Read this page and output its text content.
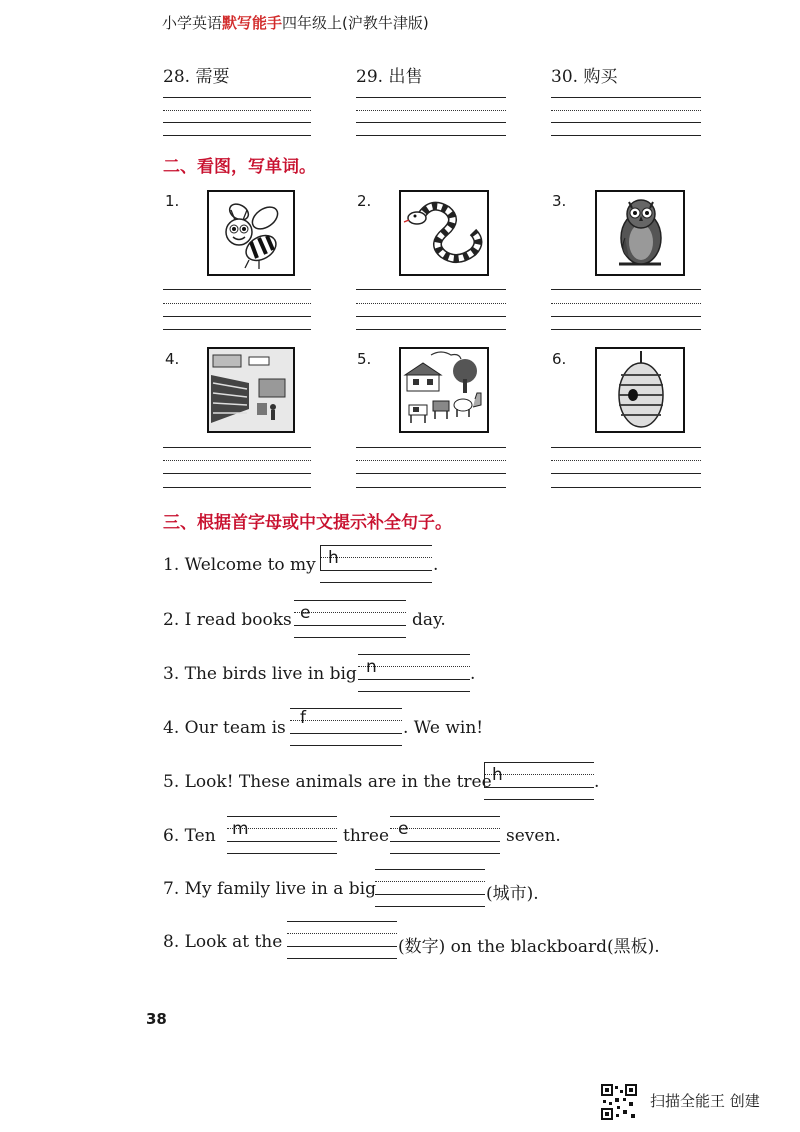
小学英语默写能手四年级上(沪教牛津版)
28. 需要	29. 出售	30. 购买
二、看图，写单词。
1.	2.	3.
4.	5.	6.
三、根据首字母或中文提示补全句子。
1. Welcome to my h	.
2. I read books e	day.
3. The birds live in big n	.
4. Our team is f	. We win!
5. Look! These animals are in the tree h	.
6. Ten m	three e	seven.
7. My family live in a big	(城市).
8. Look at the	(数字) on the blackboard(黑板).
38
扫描全能王 创建
